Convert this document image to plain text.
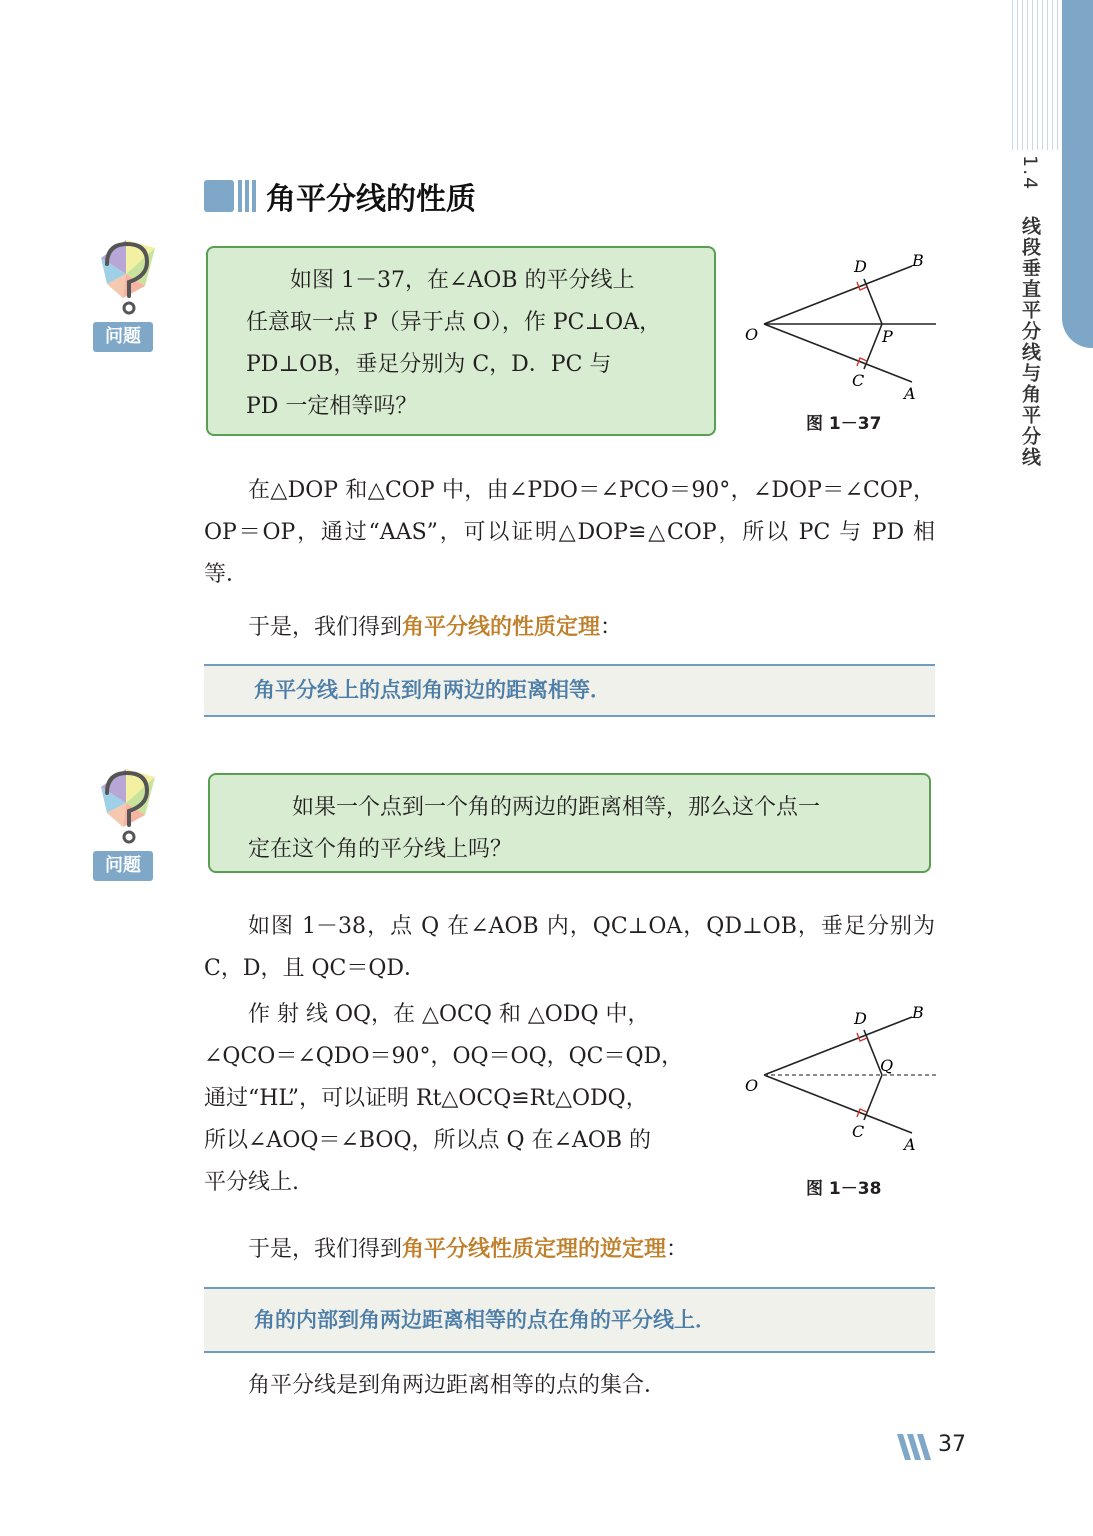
1.4 线段垂直平分线与角平分线
角平分线的性质
问题

如图 1－37，在∠AOB 的平分线上

任意取一点 P（异于点 O），作 PC⊥OA，

PD⊥OB，垂足分别为 C，D．PC 与

PD 一定相等吗？

O
B
A
D
C
P
图 1－37

在△DOP 和△COP 中，由∠PDO＝∠PCO＝90°，∠DOP＝∠COP，OP＝OP，通过“AAS”，可以证明△DOP≌△COP，所以 PC 与 PD 相等．

于是，我们得到角平分线的性质定理：

角平分线上的点到角两边的距离相等．
问题

如果一个点到一个角的两边的距离相等，那么这个点一

定在这个角的平分线上吗？

如图 1－38，点 Q 在∠AOB 内，QC⊥OA，QD⊥OB，垂足分别为 C，D，且 QC＝QD．

作 射 线 OQ，在 △OCQ 和 △ODQ 中，

∠QCO＝∠QDO＝90°，OQ＝OQ，QC＝QD，

通过“HL”，可以证明 Rt△OCQ≌Rt△ODQ，

所以∠AOQ＝∠BOQ，所以点 Q 在∠AOB 的

平分线上.

O
B
A
D
C
Q
图 1－38

于是，我们得到角平分线性质定理的逆定理：

角的内部到角两边距离相等的点在角的平分线上．

角平分线是到角两边距离相等的点的集合．

37
